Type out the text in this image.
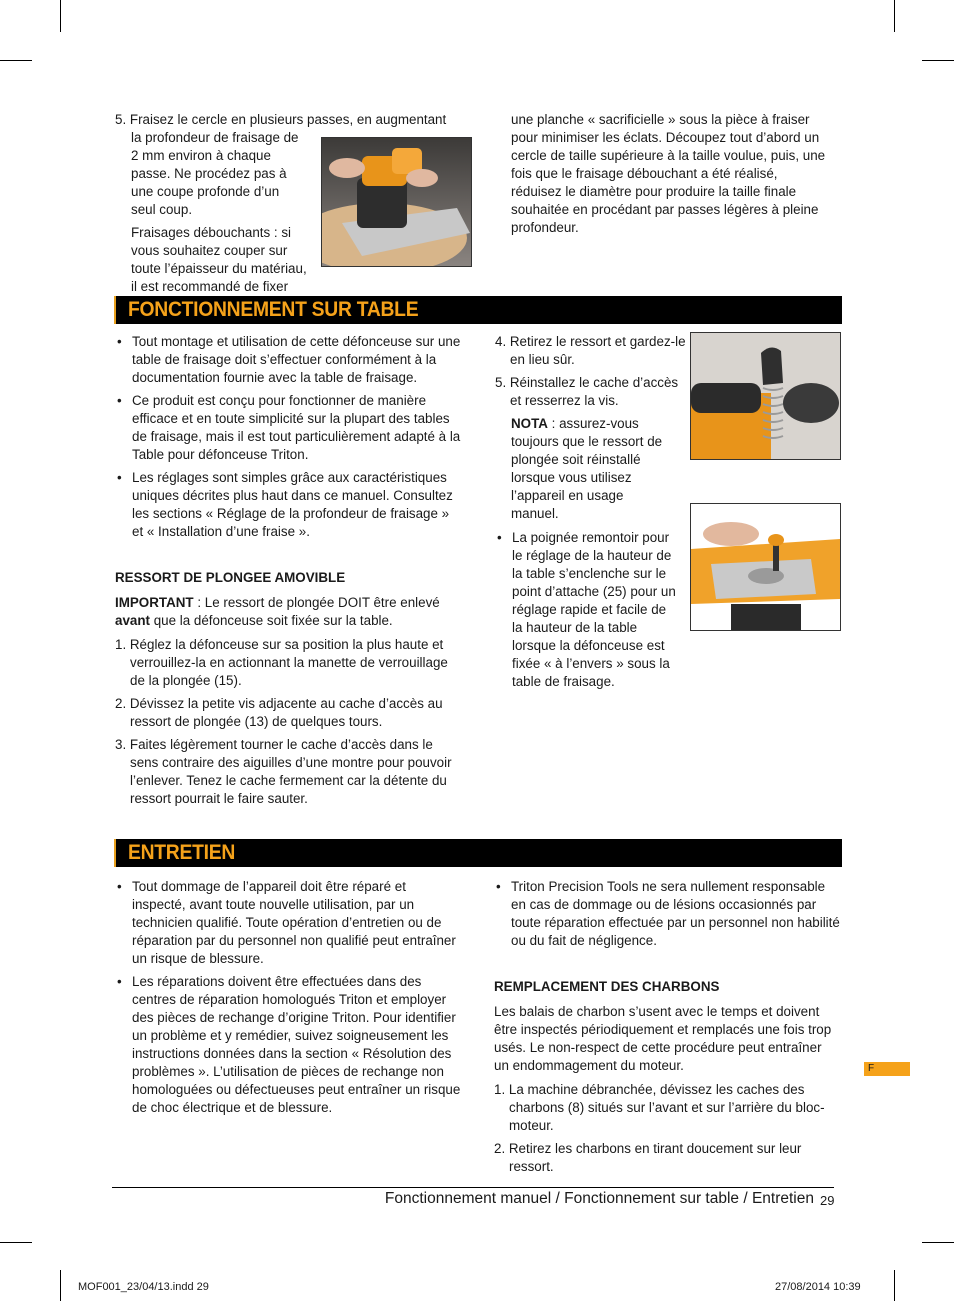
5. Fraisez le cercle en plusieurs passes, en augmentant

la profondeur de fraisage de 2 mm environ à chaque passe. Ne procédez pas à une coupe profonde d’un seul coup.

Fraisages débouchants : si vous souhaitez couper sur toute l’épaisseur du matériau, il est recommandé de fixer

une planche « sacrificielle » sous la pièce à fraiser pour minimiser les éclats. Découpez tout d’abord un cercle de taille supérieure à la taille voulue, puis, une fois que le fraisage débouchant a été réalisé, réduisez le diamètre pour produire la taille finale souhaitée en procédant par passes légères à pleine profondeur.

FONCTIONNEMENT SUR TABLE

• Tout montage et utilisation de cette défonceuse sur une table de fraisage doit s’effectuer conformément à la documentation fournie avec la table de fraisage.

• Ce produit est conçu pour fonctionner de manière efficace et en toute simplicité sur la plupart des tables de fraisage, mais il est tout particulièrement adapté à la Table pour défonceuse Triton.

• Les réglages sont simples grâce aux caractéristiques uniques décrites plus haut dans ce manuel. Consultez les sections « Réglage de la profondeur de fraisage » et « Installation d’une fraise ».

RESSORT DE PLONGEE AMOVIBLE

IMPORTANT : Le ressort de plongée DOIT être enlevé avant que la défonceuse soit fixée sur la table.

1. Réglez la défonceuse sur sa position la plus haute et verrouillez-la en actionnant la manette de verrouillage de la plongée (15).

2. Dévissez la petite vis adjacente au cache d’accès au ressort de plongée (13) de quelques tours.

3. Faites légèrement tourner le cache d’accès dans le sens contraire des aiguilles d’une montre pour pouvoir l’enlever. Tenez le cache fermement car la détente du ressort pourrait le faire sauter.

4. Retirez le ressort et gardez-le en lieu sûr.

5. Réinstallez le cache d’accès et resserrez la vis.

NOTA : assurez-vous toujours que le ressort de plongée soit réinstallé lorsque vous utilisez l’appareil en usage manuel.

• La poignée remontoir pour le réglage de la hauteur de la table s’enclenche sur le point d’attache (25) pour un réglage rapide et facile de la hauteur de la table lorsque la défonceuse est fixée « à l’envers » sous la table de fraisage.

ENTRETIEN

• Tout dommage de l’appareil doit être réparé et inspecté, avant toute nouvelle utilisation, par un technicien qualifié. Toute opération d’entretien ou de réparation par du personnel non qualifié peut entraîner un risque de blessure.

• Les réparations doivent être effectuées dans des centres de réparation homologués Triton et employer des pièces de rechange d’origine Triton. Pour identifier un problème et y remédier, suivez soigneusement les instructions données dans la section « Résolution des problèmes ». L’utilisation de pièces de rechange non homologuées ou défectueuses peut entraîner un risque de choc électrique et de blessure.

• Triton Precision Tools ne sera nullement responsable en cas de dommage ou de lésions occasionnés par toute réparation effectuée par un personnel non habilité ou du fait de négligence.

REMPLACEMENT DES CHARBONS

Les balais de charbon s’usent avec le temps et doivent être inspectés périodiquement et remplacés une fois trop usés. Le non-respect de cette procédure peut entraîner un endommagement du moteur.

1. La machine débranchée, dévissez les caches des charbons (8) situés sur l’avant et sur l’arrière du bloc-moteur.

2. Retirez les charbons en tirant doucement sur leur ressort.

F
Fonctionnement manuel / Fonctionnement sur table / Entretien 29
MOF001_23/04/13.indd 29	27/08/2014 10:39
